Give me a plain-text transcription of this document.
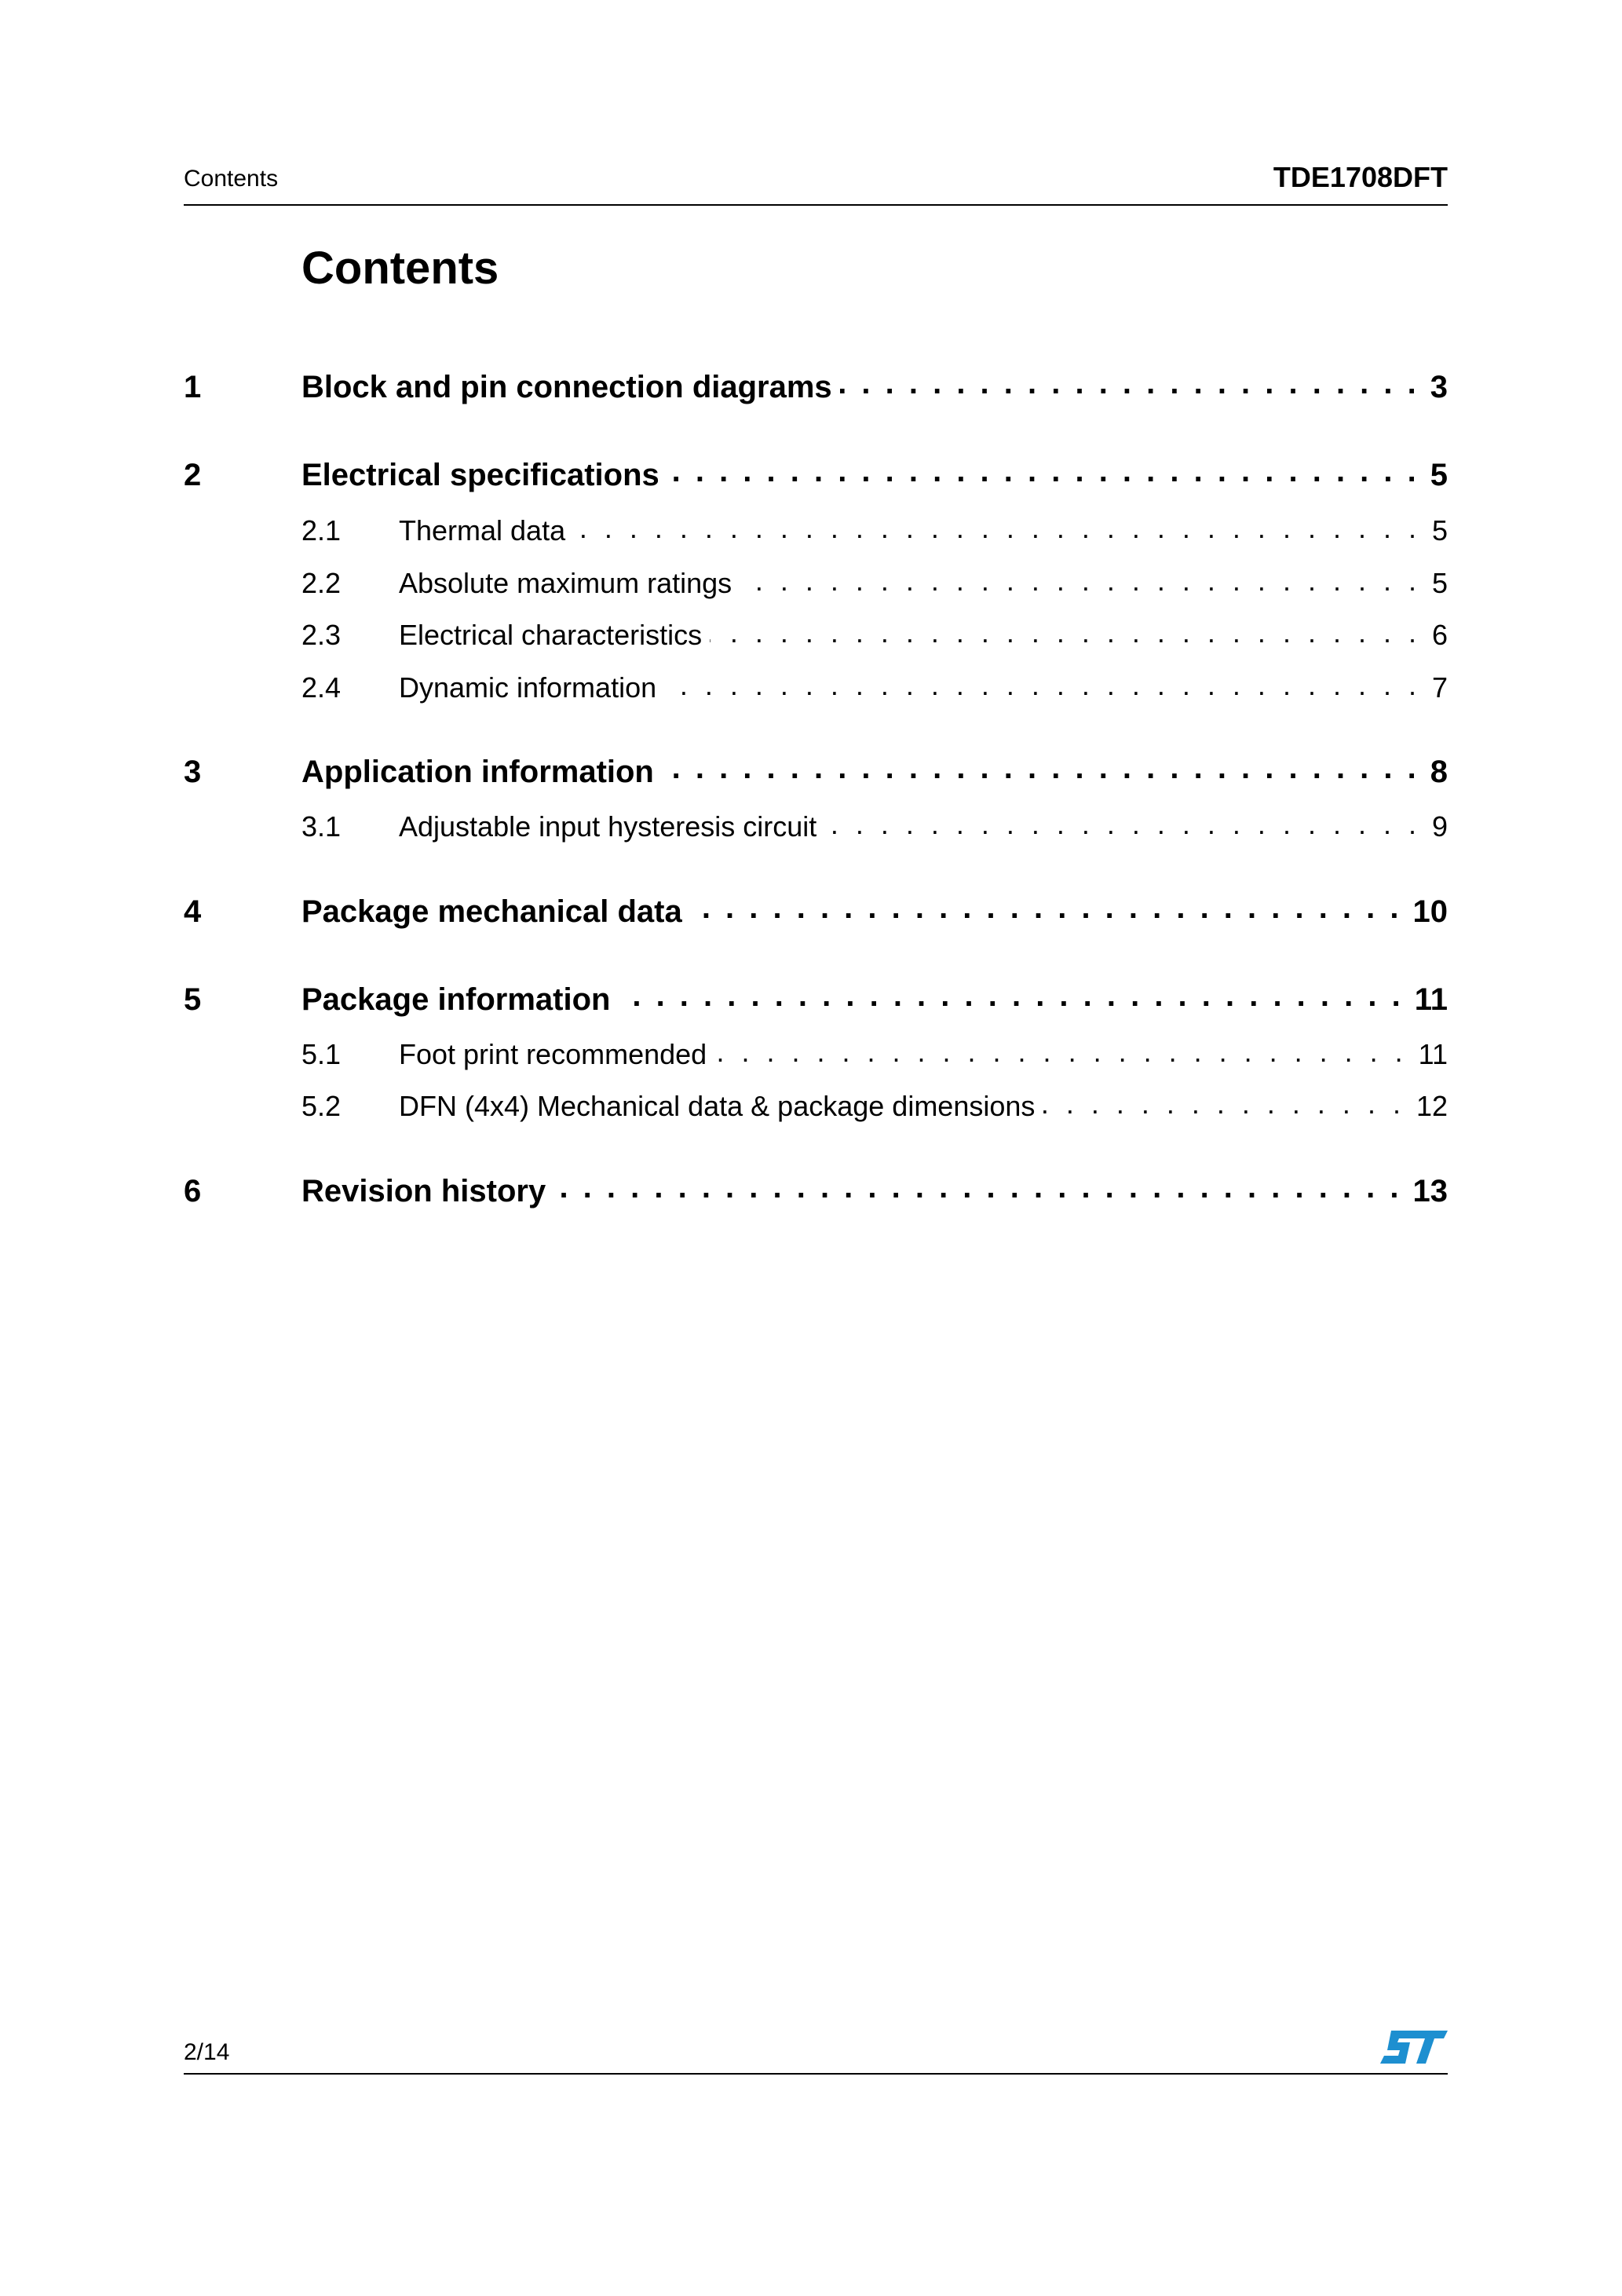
Contents	TDE1708DFT
Contents
1	Block and pin connection diagrams . . .	3
2	Electrical specifications . . .	5
2.1	Thermal data . . .	5
2.2	Absolute maximum ratings . . .	5
2.3	Electrical characteristics . . .	6
2.4	Dynamic information . . .	7
3	Application information . . .	8
3.1	Adjustable input hysteresis circuit . . .	9
4	Package mechanical data . . .	10
5	Package information . . .	11
5.1	Foot print recommended . . .	11
5.2	DFN (4x4) Mechanical data & package dimensions . . .	12
6	Revision history . . .	13
2/14
